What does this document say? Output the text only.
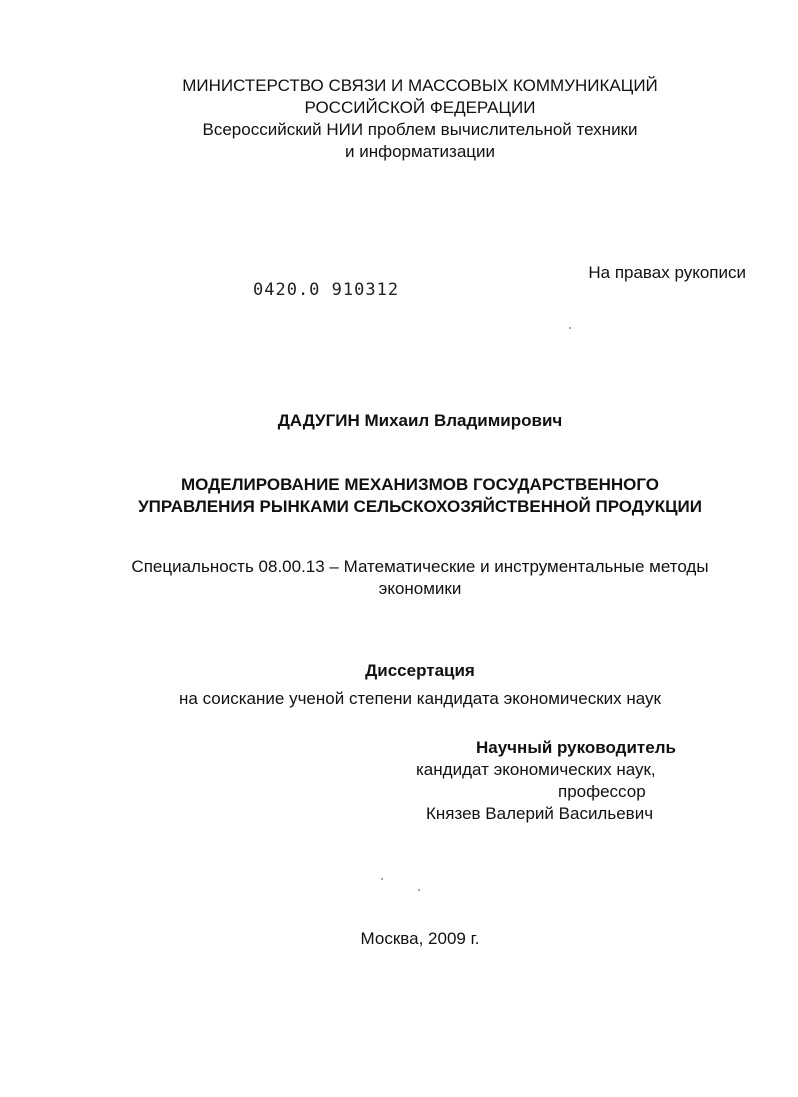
МИНИСТЕРСТВО СВЯЗИ И МАССОВЫХ КОММУНИКАЦИЙ
РОССИЙСКОЙ ФЕДЕРАЦИИ
Всероссийский НИИ проблем вычислительной техники
и информатизации
На правах рукописи
0420.0 910312
ДАДУГИН Михаил Владимирович
МОДЕЛИРОВАНИЕ МЕХАНИЗМОВ ГОСУДАРСТВЕННОГО
УПРАВЛЕНИЯ РЫНКАМИ СЕЛЬСКОХОЗЯЙСТВЕННОЙ ПРОДУКЦИИ
Специальность 08.00.13 – Математические и инструментальные методы
экономики
Диссертация
на соискание ученой степени кандидата экономических наук
Научный руководитель
кандидат экономических наук,
профессор
Князев Валерий Васильевич
Москва, 2009 г.
